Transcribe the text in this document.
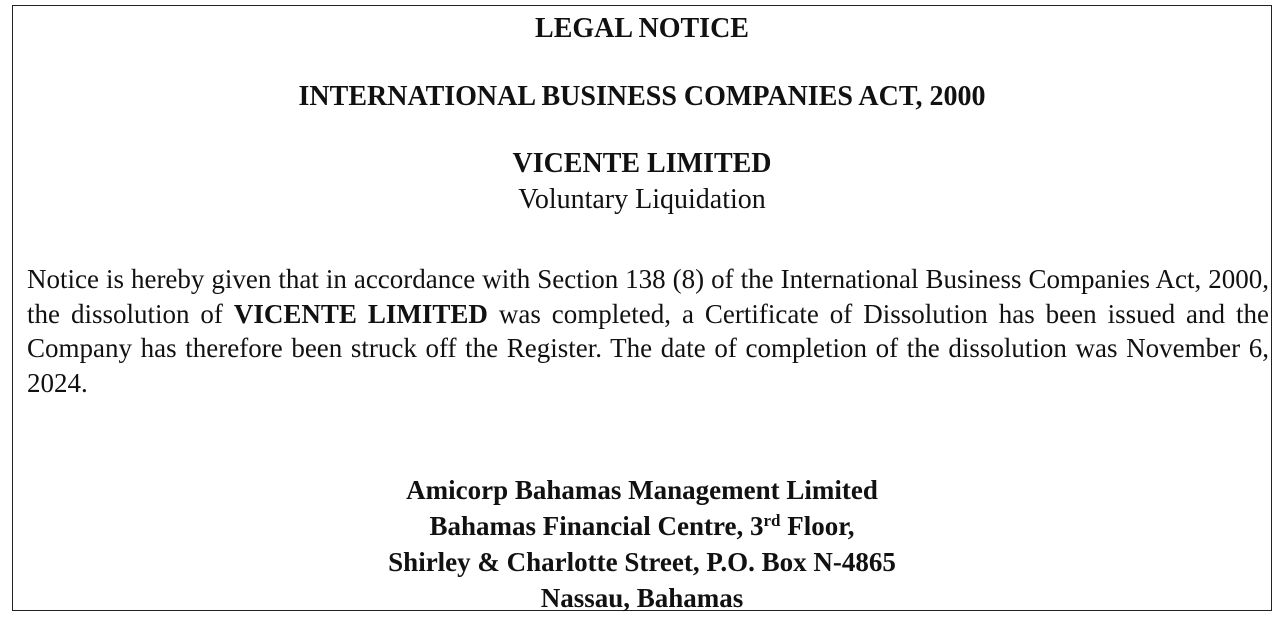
LEGAL NOTICE
INTERNATIONAL BUSINESS COMPANIES ACT, 2000
VICENTE LIMITED
Voluntary Liquidation

Notice is hereby given that in accordance with Section 138 (8) of the International Business Companies Act, 2000, the dissolution of VICENTE LIMITED was completed, a Certificate of Dissolution has been issued and the Company has therefore been struck off the Register. The date of completion of the dissolution was November 6, 2024.

Amicorp Bahamas Management Limited
Bahamas Financial Centre, 3rd Floor,
Shirley & Charlotte Street, P.O. Box N-4865
Nassau, Bahamas
